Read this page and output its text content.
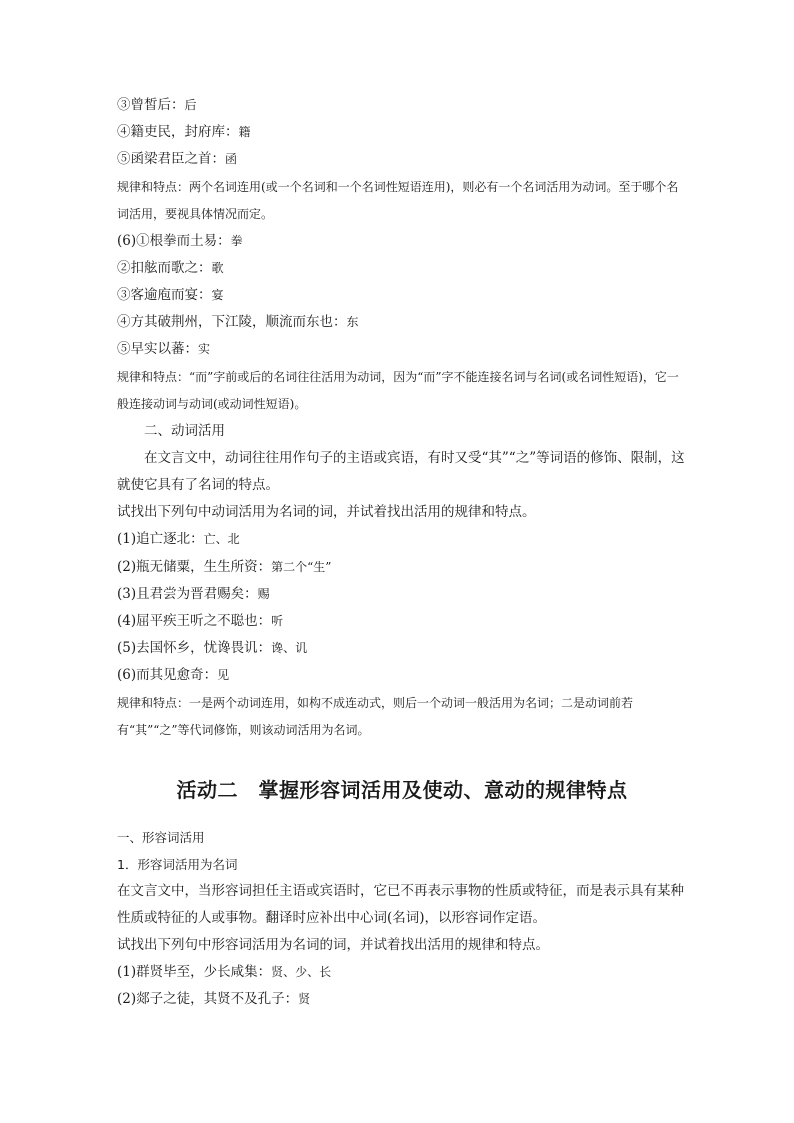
③曾皙后：后
④籍吏民，封府库：籍
⑤函梁君臣之首：函
规律和特点：两个名词连用(或一个名词和一个名词性短语连用)，则必有一个名词活用为动词。至于哪个名词活用，要视具体情况而定。
(6)①根拳而土易：拳
②扣舷而歌之：歌
③客逾庖而宴：宴
④方其破荆州，下江陵，顺流而东也：东
⑤早实以蕃：实
规律和特点：“而”字前或后的名词往往活用为动词，因为“而”字不能连接名词与名词(或名词性短语)，它一般连接动词与动词(或动词性短语)。
二、动词活用
在文言文中，动词往往用作句子的主语或宾语，有时又受“其”“之”等词语的修饰、限制，这就使它具有了名词的特点。
试找出下列句中动词活用为名词的词，并试着找出活用的规律和特点。
(1)追亡逐北：亡、北
(2)瓶无储粟，生生所资：第二个“生”
(3)且君尝为晋君赐矣：赐
(4)屈平疾王听之不聪也：听
(5)去国怀乡，忧谗畏讥：谗、讥
(6)而其见愈奇：见
规律和特点：一是两个动词连用，如构不成连动式，则后一个动词一般活用为名词；二是动词前若有“其”“之”等代词修饰，则该动词活用为名词。
活动二　掌握形容词活用及使动、意动的规律特点
一、形容词活用
1．形容词活用为名词
在文言文中，当形容词担任主语或宾语时，它已不再表示事物的性质或特征，而是表示具有某种性质或特征的人或事物。翻译时应补出中心词(名词)，以形容词作定语。
试找出下列句中形容词活用为名词的词，并试着找出活用的规律和特点。
(1)群贤毕至，少长咸集：贤、少、长
(2)郯子之徒，其贤不及孔子：贤
